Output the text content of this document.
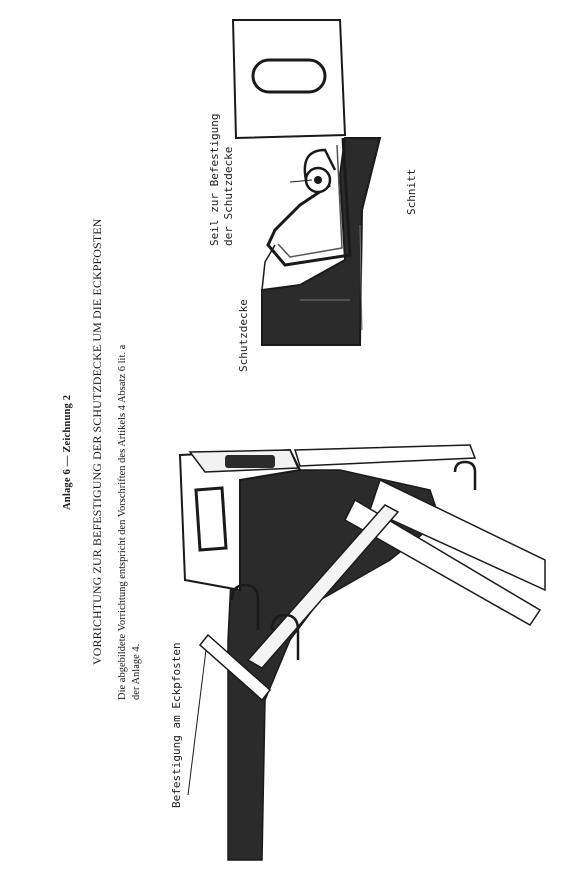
Anlage 6 — Zeichnung 2 VORRICHTUNG ZUR BEFESTIGUNG DER SCHUTZDECKE UM DIE ECKPFOSTEN Die abgebildete Vorrichtung entspricht den Vorschriften des Artikels 4 Absatz 6 lit. a der Anlage 4.
Seil zur Befestigung der Schutzdecke	Schnitt
Schutzdecke
Befestigung am Eckpfosten
